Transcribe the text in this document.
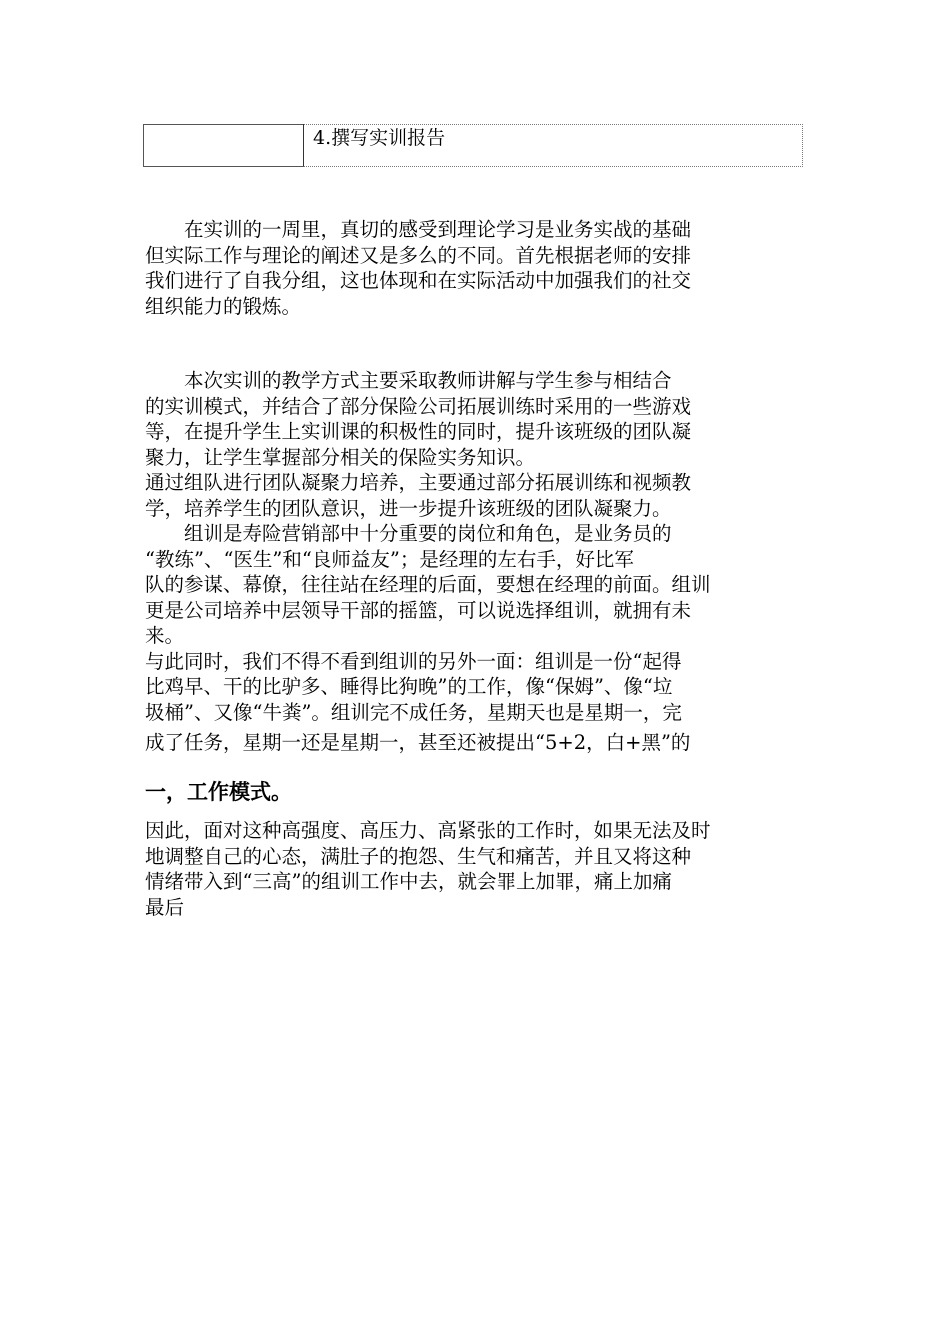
	4.撰写实训报告
　　在实训的一周里，真切的感受到理论学习是业务实战的基础
但实际工作与理论的阐述又是多么的不同。首先根据老师的安排
我们进行了自我分组，这也体现和在实际活动中加强我们的社交
组织能力的锻炼。
　　本次实训的教学方式主要采取教师讲解与学生参与相结合
的实训模式，并结合了部分保险公司拓展训练时采用的一些游戏
等，在提升学生上实训课的积极性的同时，提升该班级的团队凝
聚力，让学生掌握部分相关的保险实务知识。
通过组队进行团队凝聚力培养，主要通过部分拓展训练和视频教
学，培养学生的团队意识，进一步提升该班级的团队凝聚力。
　　组训是寿险营销部中十分重要的岗位和角色，是业务员的
“教练”、“医生”和“良师益友”；是经理的左右手，好比军
队的参谋、幕僚，往往站在经理的后面，要想在经理的前面。组训
更是公司培养中层领导干部的摇篮，可以说选择组训，就拥有未
来。
与此同时，我们不得不看到组训的另外一面：组训是一份“起得
比鸡早、干的比驴多、睡得比狗晚”的工作，像“保姆”、像“垃
圾桶”、又像“牛粪”。组训完不成任务，星期天也是星期一，完
成了任务，星期一还是星期一，甚至还被提出“5+2，白+黑”的
一，工作模式。
因此，面对这种高强度、高压力、高紧张的工作时，如果无法及时
地调整自己的心态，满肚子的抱怨、生气和痛苦，并且又将这种
情绪带入到“三高”的组训工作中去，就会罪上加罪，痛上加痛
最后
